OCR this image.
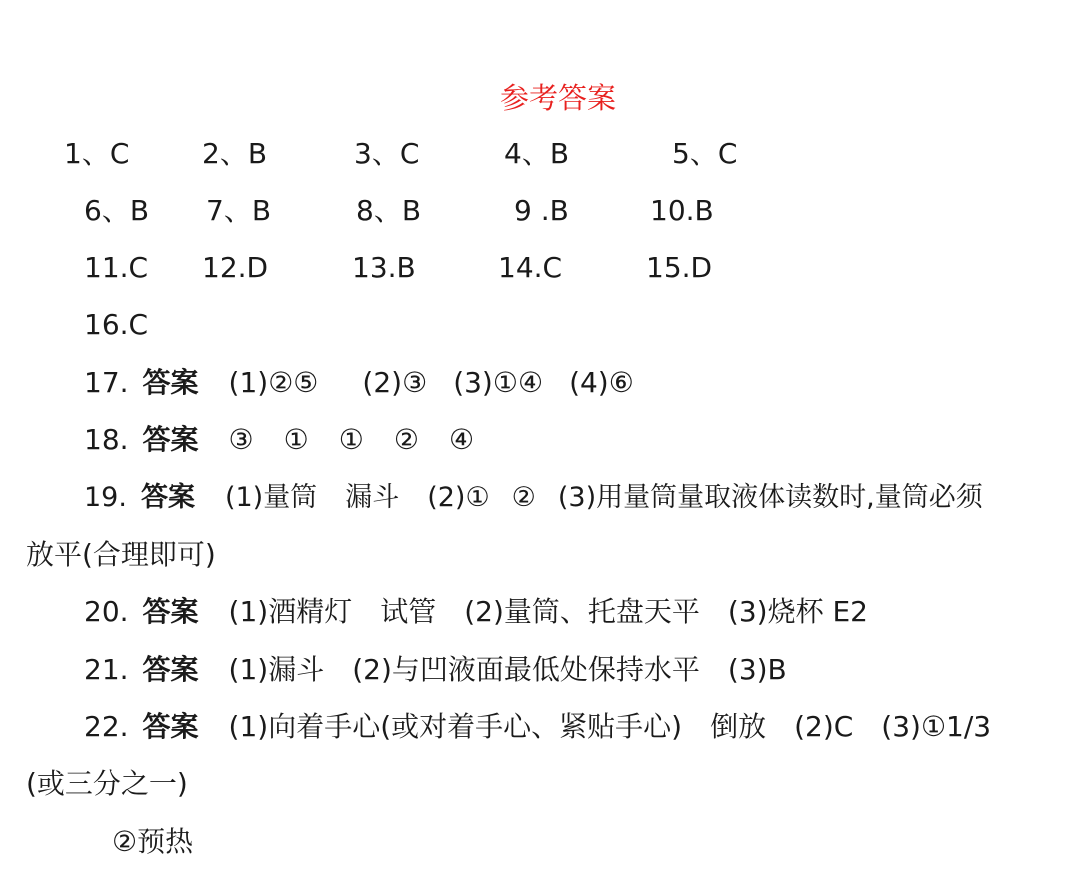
参考答案
1、C	2、B	3、C	4、B	5、C
6、B 7、B	8、B	9 .B	10.B
11.C 12.D	13.B	14.C	15.D
16.C
17. 答案 (1)②⑤ (2)③ (3)①④ (4)⑥
18. 答案 ③ ① ① ② ④
19. 答案 (1)量筒 漏斗 (2)① ② (3)用量筒量取液体读数时,量筒必须
放平(合理即可)
20. 答案 (1)酒精灯 试管 (2)量筒、托盘天平 (3)烧杯 E2
21. 答案 (1)漏斗 (2)与凹液面最低处保持水平 (3)B
22. 答案 (1)向着手心(或对着手心、紧贴手心) 倒放 (2)C (3)①1/3
(或三分之一)
②预热
